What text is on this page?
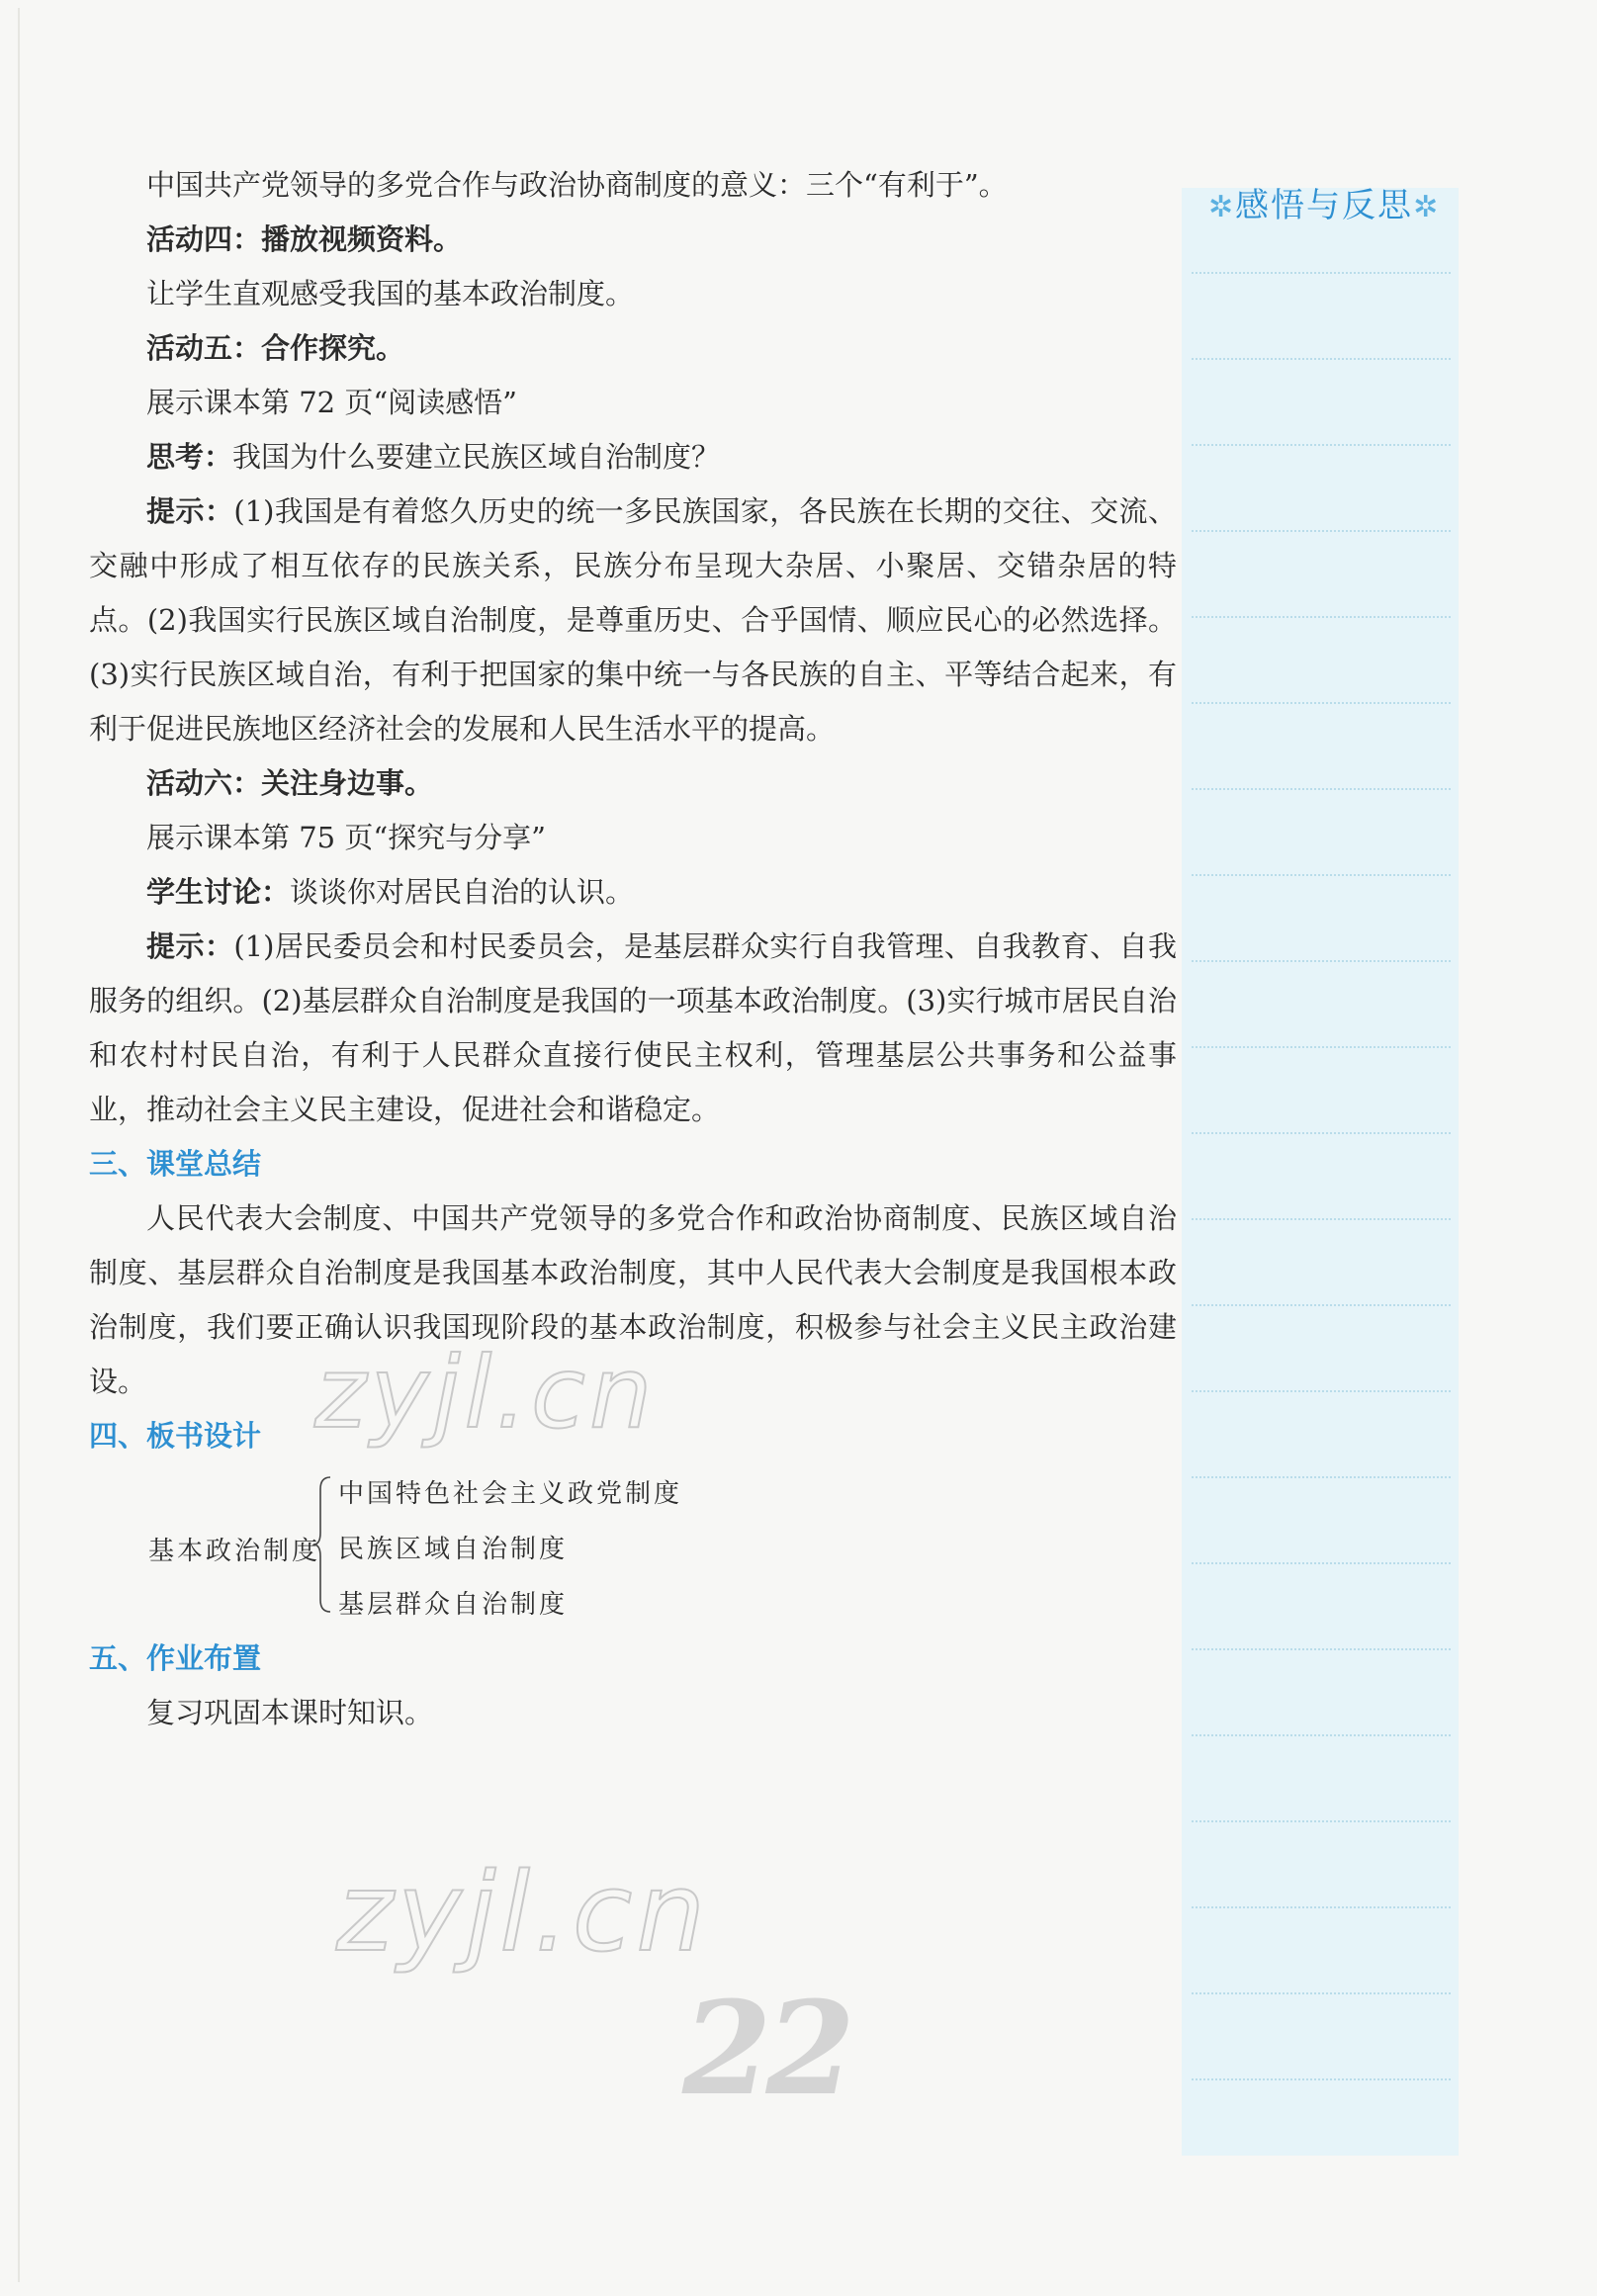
中国共产党领导的多党合作与政治协商制度的意义：三个“有利于”。

活动四：播放视频资料。

让学生直观感受我国的基本政治制度。

活动五：合作探究。

展示课本第 72 页“阅读感悟”

思考：我国为什么要建立民族区域自治制度？

提示：(1)我国是有着悠久历史的统一多民族国家，各民族在长期的交往、交流、交融中形成了相互依存的民族关系，民族分布呈现大杂居、小聚居、交错杂居的特点。(2)我国实行民族区域自治制度，是尊重历史、合乎国情、顺应民心的必然选择。(3)实行民族区域自治，有利于把国家的集中统一与各民族的自主、平等结合起来，有利于促进民族地区经济社会的发展和人民生活水平的提高。

活动六：关注身边事。

展示课本第 75 页“探究与分享”

学生讨论：谈谈你对居民自治的认识。

提示：(1)居民委员会和村民委员会，是基层群众实行自我管理、自我教育、自我服务的组织。(2)基层群众自治制度是我国的一项基本政治制度。(3)实行城市居民自治和农村村民自治，有利于人民群众直接行使民主权利，管理基层公共事务和公益事业，推动社会主义民主建设，促进社会和谐稳定。

三、课堂总结

人民代表大会制度、中国共产党领导的多党合作和政治协商制度、民族区域自治制度、基层群众自治制度是我国基本政治制度，其中人民代表大会制度是我国根本政治制度，我们要正确认识我国现阶段的基本政治制度，积极参与社会主义民主政治建设。

四、板书设计

基本政治制度
中国特色社会主义政党制度
民族区域自治制度
基层群众自治制度

五、作业布置

复习巩固本课时知识。

✲感悟与反思✲
zyjl.cn
zyjl.cn
22
